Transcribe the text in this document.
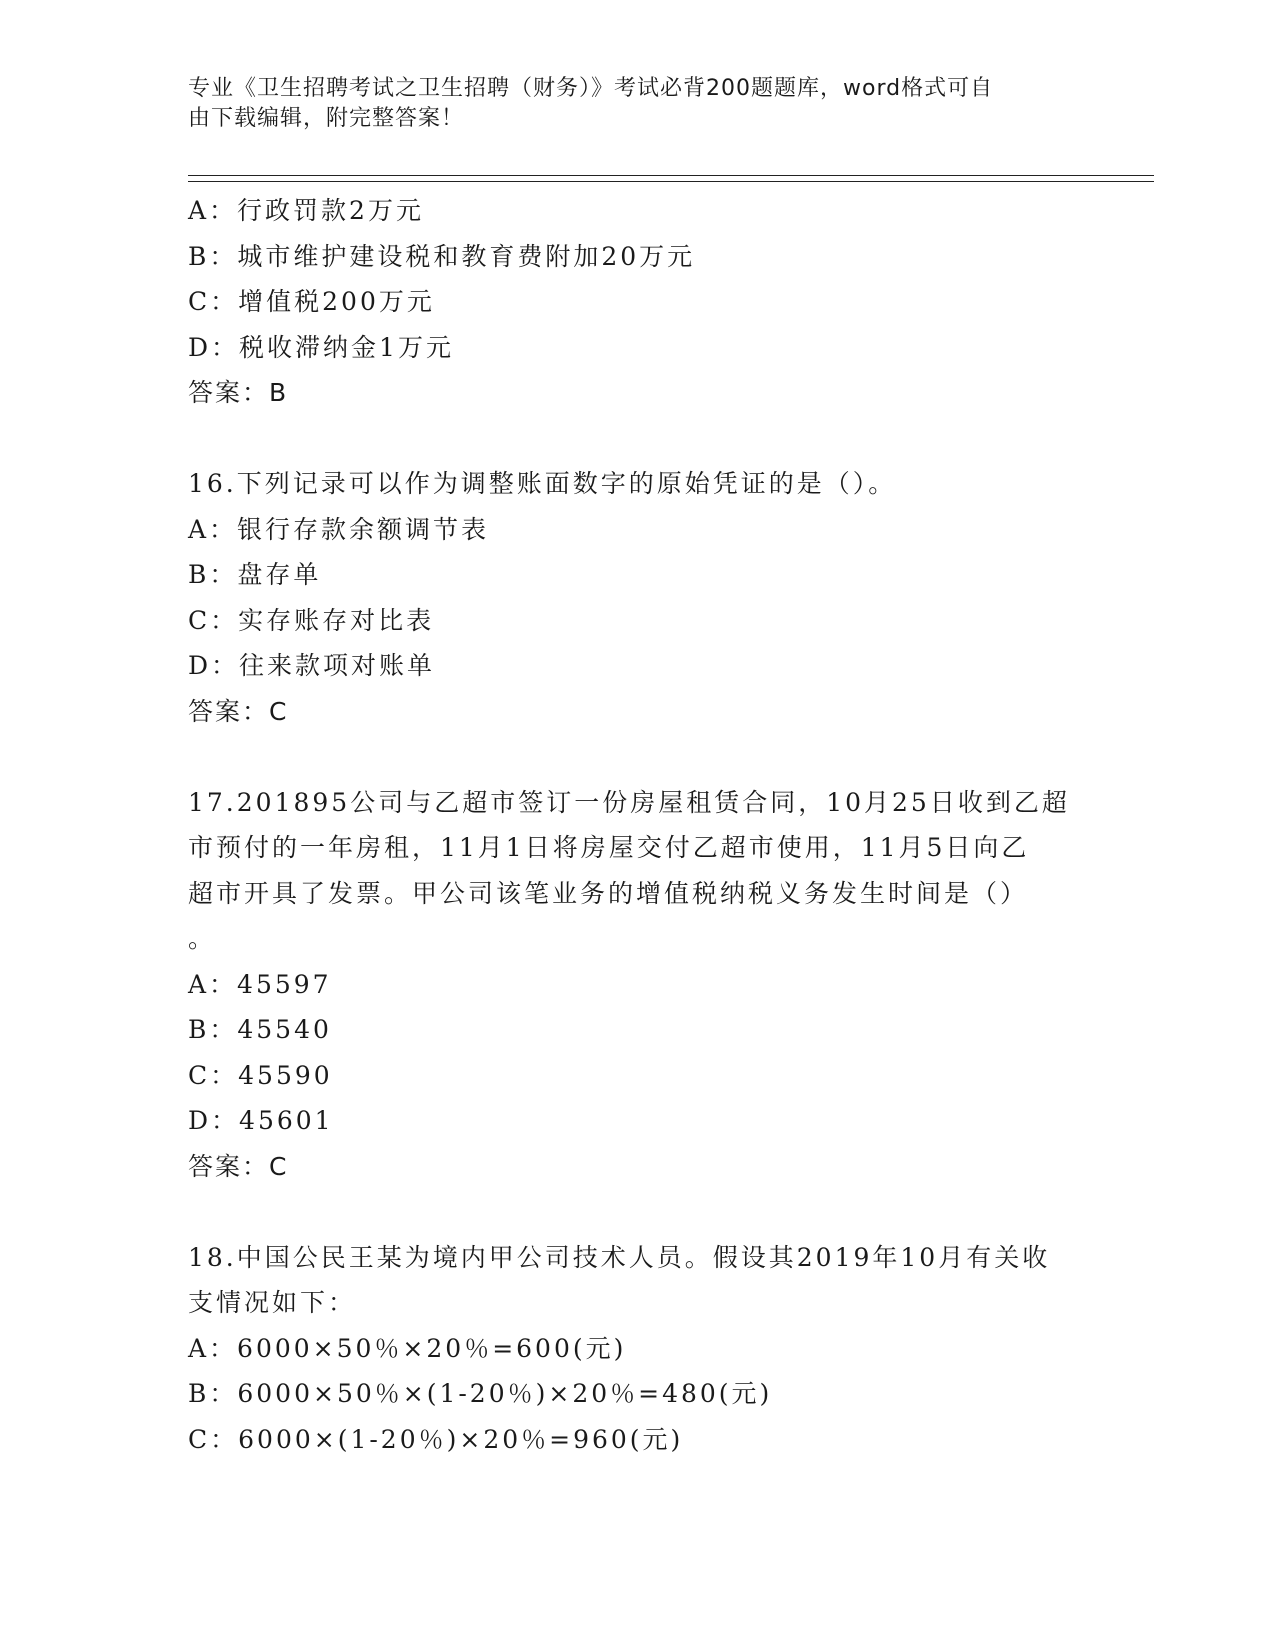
专业《卫生招聘考试之卫生招聘（财务）》考试必背200题题库，word格式可自
由下载编辑，附完整答案！
A：行政罚款2万元
B：城市维护建设税和教育费附加20万元
C：增值税200万元
D：税收滞纳金1万元
答案：B
16.下列记录可以作为调整账面数字的原始凭证的是（）。
A：银行存款余额调节表
B：盘存单
C：实存账存对比表
D：往来款项对账单
答案：C
17.201895公司与乙超市签订一份房屋租赁合同，10月25日收到乙超
市预付的一年房租，11月1日将房屋交付乙超市使用，11月5日向乙
超市开具了发票。甲公司该笔业务的增值税纳税义务发生时间是（）
。
A：45597
B：45540
C：45590
D：45601
答案：C
18.中国公民王某为境内甲公司技术人员。假设其2019年10月有关收
支情况如下：
A：6000×50％×20％=600(元)
B：6000×50％×(1-20％)×20％=480(元)
C：6000×(1-20％)×20％=960(元)
